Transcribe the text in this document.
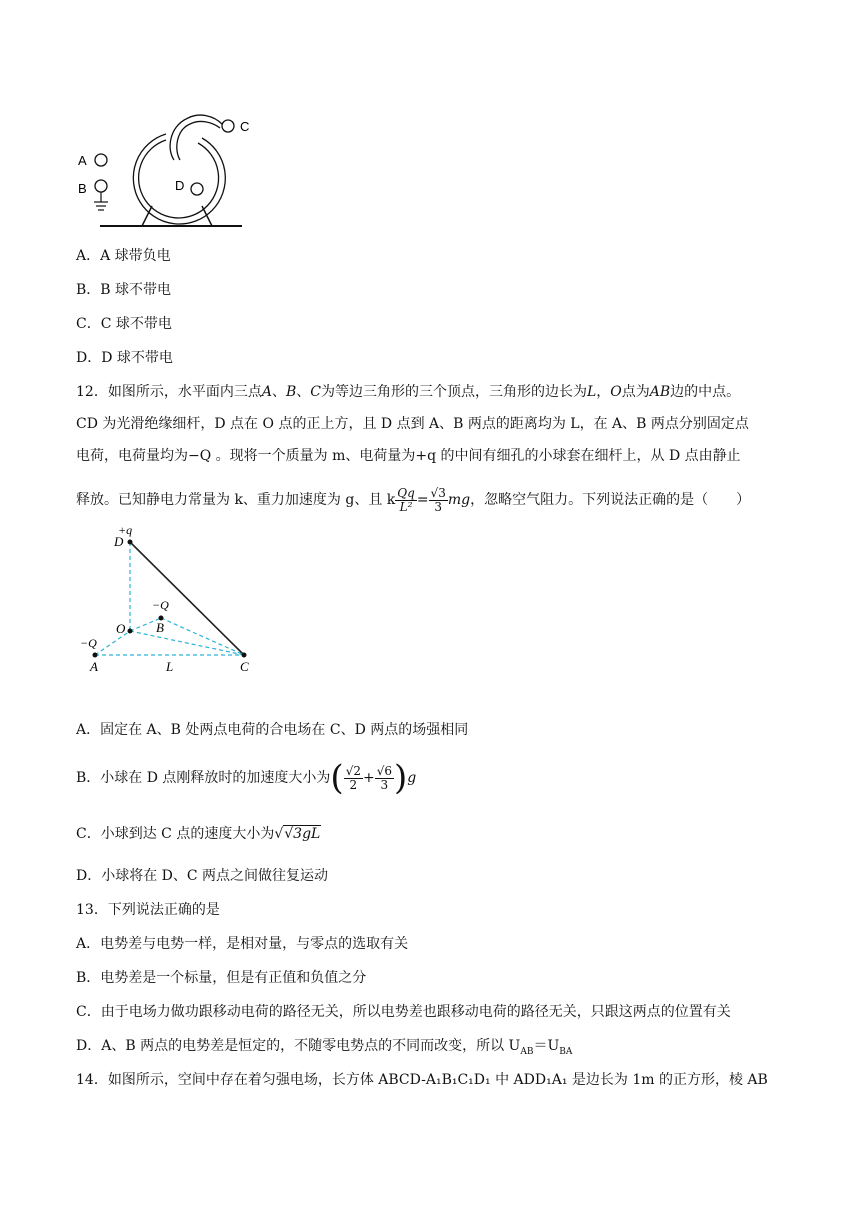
C
D
A
B
A．A 球带负电
B．B 球不带电
C．C 球不带电
D．D 球不带电
12．如图所示，水平面内三点A、B、C为等边三角形的三个顶点，三角形的边长为L，O点为AB边的中点。
CD 为光滑绝缘细杆，D 点在 O 点的正上方，且 D 点到 A、B 两点的距离均为 L，在 A、B 两点分别固定点
电荷，电荷量均为−Q 。现将一个质量为 m、电荷量为+q 的中间有细孔的小球套在细杆上，从 D 点由静止
释放。已知静电力常量为 k、重力加速度为 g、且 k $\frac{Qq}{\text{L²}} = \frac{√3}{3}$ mg，忽略空气阻力。下列说法正确的是（　　）
+q
D
−Q
O B
−Q
A	L	C
A．固定在 A、B 处两点电荷的合电场在 C、D 两点的场强相同
B．小球在 D 点刚释放时的加速度大小为( $\frac{√2}{2} + \frac{√6}{3} )g$
C．小球到达 C 点的速度大小为√√3gL
D．小球将在 D、C 两点之间做往复运动
13．下列说法正确的是
A．电势差与电势一样，是相对量，与零点的选取有关
B．电势差是一个标量，但是有正值和负值之分
C．由于电场力做功跟移动电荷的路径无关，所以电势差也跟移动电荷的路径无关，只跟这两点的位置有关
D．A、B 两点的电势差是恒定的，不随零电势点的不同而改变，所以 $U_{AB}=U_{BA}$
14．如图所示，空间中存在着匀强电场，长方体 ABCD-A₁B₁C₁D₁ 中 ADD₁A₁ 是边长为 1m 的正方形，棱 AB
